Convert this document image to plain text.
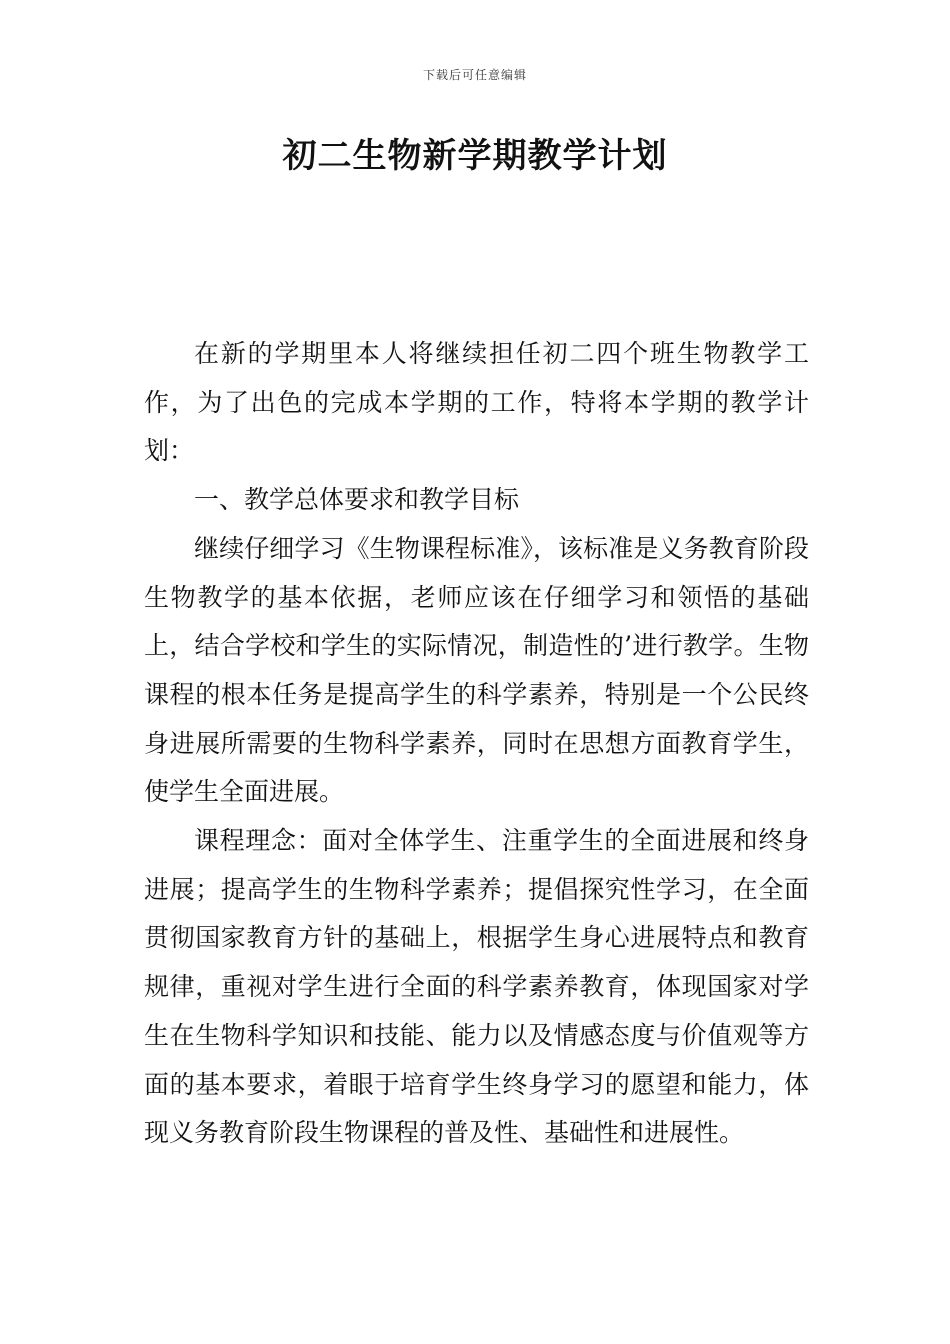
下载后可任意编辑
初二生物新学期教学计划

在新的学期里本人将继续担任初二四个班生物教学工作，为了出色的完成本学期的工作，特将本学期的教学计划：

一、教学总体要求和教学目标

继续仔细学习《生物课程标准》，该标准是义务教育阶段生物教学的基本依据，老师应该在仔细学习和领悟的基础上，结合学校和学生的实际情况，制造性的’进行教学。生物课程的根本任务是提高学生的科学素养，特别是一个公民终身进展所需要的生物科学素养，同时在思想方面教育学生，使学生全面进展。

课程理念：面对全体学生、注重学生的全面进展和终身进展；提高学生的生物科学素养；提倡探究性学习，在全面贯彻国家教育方针的基础上，根据学生身心进展特点和教育规律，重视对学生进行全面的科学素养教育，体现国家对学生在生物科学知识和技能、能力以及情感态度与价值观等方面的基本要求，着眼于培育学生终身学习的愿望和能力，体现义务教育阶段生物课程的普及性、基础性和进展性。
